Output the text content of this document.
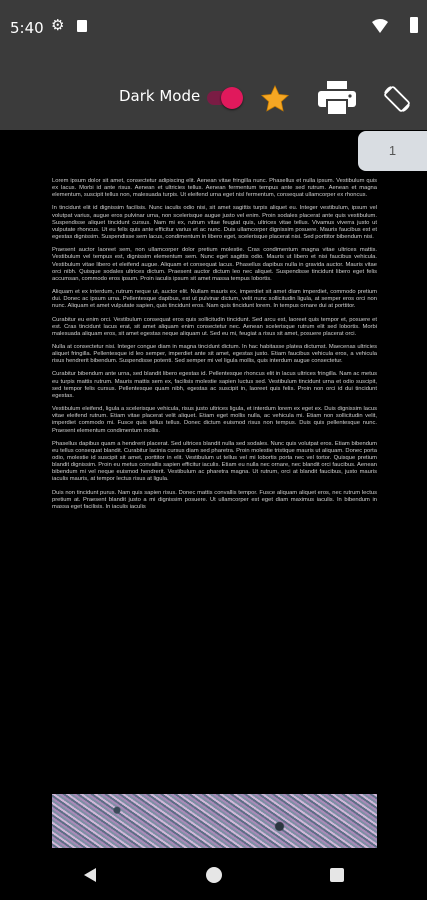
5:40 ⚙
Dark Mode
1

Lorem ipsum dolor sit amet, consectetur adipiscing elit. Aenean vitae fringilla nunc. Phasellus et nulla ipsum. Vestibulum quis ex lacus. Morbi id ante risus. Aenean et ultricies tellus. Aenean fermentum tempus ante sed rutrum. Aenean et magna elementum, suscipit tellus non, malesuada turpis. Ut eleifend urna eget nisl fermentum, consequat ullamcorper ex rhoncus.

In tincidunt elit id dignissim facilisis. Nunc iaculis odio nisi, sit amet sagittis turpis aliquet eu. Integer vestibulum, ipsum vel volutpat varius, augue eros pulvinar urna, non scelerisque augue justo vel enim. Proin sodales placerat ante quis vestibulum. Suspendisse aliquet tincidunt cursus. Nam mi ex, rutrum vitae feugiat quis, ultrices vitae tellus. Vivamus viverra justo ut vulputate rhoncus. Ut eu felis quis ante efficitur varius et ac nunc. Duis ullamcorper dignissim posuere. Mauris faucibus est et egestas dignissim. Suspendisse sem lacus, condimentum in libero eget, scelerisque placerat nisi. Sed porttitor bibendum nisi.

Praesent auctor laoreet sem, non ullamcorper dolor pretium molestie. Cras condimentum magna vitae ultrices mattis. Vestibulum vel tempus est, dignissim elementum sem. Nunc eget sagittis odio. Mauris ut libero et nisi faucibus vehicula. Vestibulum vitae libero et eleifend augue. Aliquam et consequat lacus. Phasellus dapibus nulla in gravida auctor. Mauris vitae orci nibh. Quisque sodales ultrices dictum. Praesent auctor dictum leo nec aliquet. Suspendisse tincidunt libero eget felis accumsan, commodo eros ipsum. Proin iaculis ipsum sit amet massa tempus lobortis.

Aliquam et ex interdum, rutrum neque ut, auctor elit. Nullam mauris ex, imperdiet sit amet diam imperdiet, commodo pretium dui. Donec ac ipsum urna. Pellentesque dapibus, est ut pulvinar dictum, velit nunc sollicitudin ligula, at semper eros orci non nunc. Aliquam et amet vulputate sapien, quis tincidunt eros. Nam quis tincidunt lorem. In tempus ornare dui at porttitor.

Curabitur eu enim orci. Vestibulum consequat eros quis sollicitudin tincidunt. Sed arcu est, laoreet quis tempor et, posuere et est. Cras tincidunt lacus erat, sit amet aliquam enim consectetur nec. Aenean scelerisque rutrum elit sed lobortis. Morbi malesuada aliquam eros, sit amet egestas neque aliquam ut. Sed eu mi, feugiat a risus sit amet, posuere placerat orci.

Nulla at consectetur nisi. Integer congue diam in magna tincidunt dictum. In hac habitasse platea dictumst. Maecenas ultricies aliquet fringilla. Pellentesque id leo semper, imperdiet ante sit amet, egestas justo. Etiam faucibus vehicula eros, a vehicula risus hendrerit bibendum. Suspendisse potenti. Sed semper mi vel ligula mollis, quis interdum augue consectetur.

Curabitur bibendum ante urna, sed blandit libero egestas id. Pellentesque rhoncus elit in lacus ultrices fringilla. Nam ac metus eu turpis mattis rutrum. Mauris mattis sem ex, facilisis molestie sapien luctus sed. Vestibulum tincidunt urna et odio suscipit, sed tempor felis cursus. Pellentesque quam nibh, egestas ac suscipit in, laoreet quis felis. Proin non orci id dui tincidunt egestas.

Vestibulum eleifend, ligula a scelerisque vehicula, risus justo ultrices ligula, et interdum lorem ex eget ex. Duis dignissim lacus vitae eleifend rutrum. Etiam vitae placerat velit aliquet. Etiam eget mollis nulla, ac vehicula mi. Etiam non sollicitudin velit, imperdiet commodo mi. Fusce quis tellus tellus. Donec dictum euismod risus non tempus. Duis quis pellentesque nunc. Praesent elementum condimentum mollis.

Phasellus dapibus quam a hendrerit placerat. Sed ultrices blandit nulla sed sodales. Nunc quis volutpat eros. Etiam bibendum eu tellus consequat blandit. Curabitur lacinia cursus diam sed pharetra. Proin molestie tristique mauris ut aliquam. Donec porta odio, molestie id suscipit sit amet, porttitor in elit. Vestibulum ut tellus vel mi lobortis porta nec vel tortor. Quisque pretium blandit dignissim. Proin eu metus convallis sapien efficitur iaculis. Etiam eu nulla nec ornare, nec blandit orci faucibus. Aenean bibendum mi vel neque euismod hendrerit. Vestibulum ac pharetra magna. Ut rutrum, orci at blandit faucibus, justo mauris iaculis mauris, at tempor lectus risus at ligula.

Duis non tincidunt purus. Nam quis sapien risus. Donec mattis convallis tempor. Fusce aliquam aliquet eros, nec rutrum lectus pretium at. Praesent blandit justo a mi dignissim posuere. Ut ullamcorper est eget diam maximus iaculis. In bibendum in massa eget facilisis. In iaculis iaculis
